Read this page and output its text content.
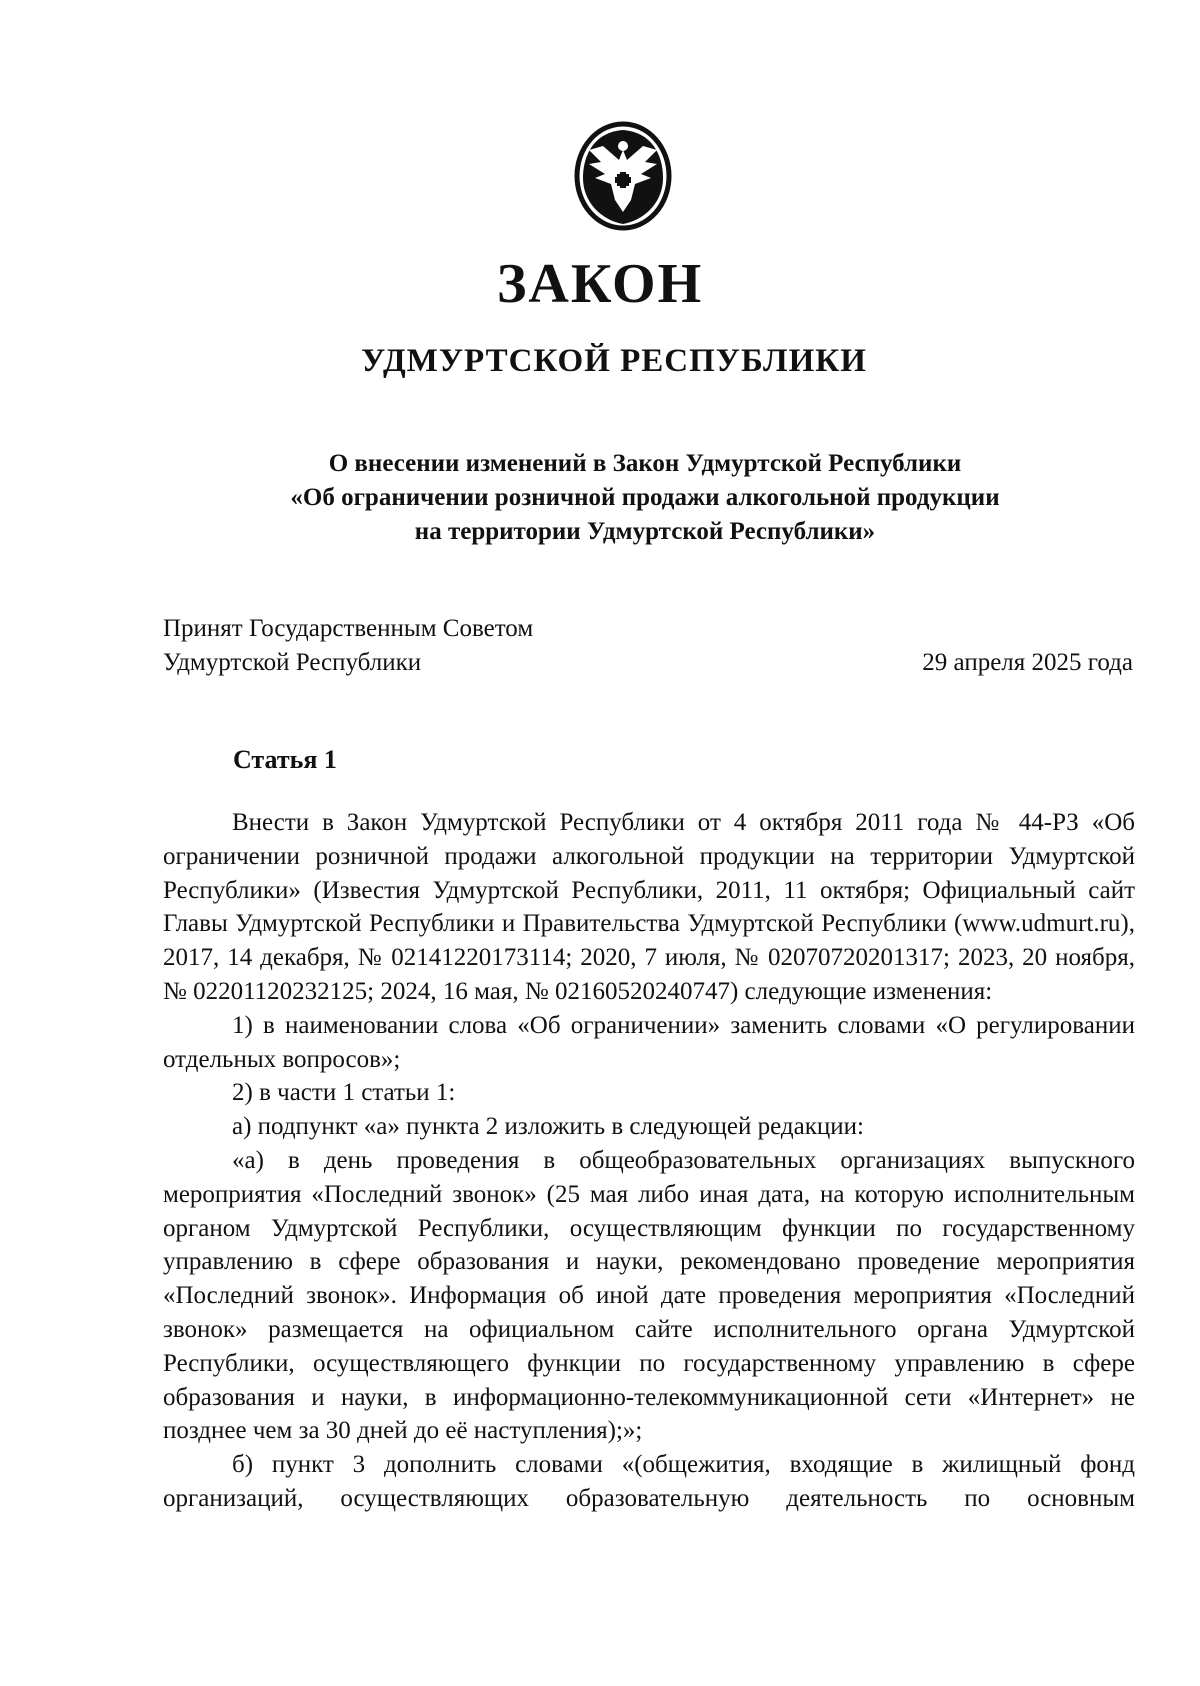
ЗАКОН
УДМУРТСКОЙ РЕСПУБЛИКИ
О внесении изменений в Закон Удмуртской Республики
«Об ограничении розничной продажи алкогольной продукции
на территории Удмуртской Республики»
Принят Государственным Советом
Удмуртской Республики	29 апреля 2025 года
Статья 1

Внести в Закон Удмуртской Республики от 4 октября 2011 года № 44-РЗ «Об ограничении розничной продажи алкогольной продукции на территории Удмуртской Республики» (Известия Удмуртской Республики, 2011, 11 октября; Официальный сайт Главы Удмуртской Республики и Правительства Удмуртской Республики (www.udmurt.ru), 2017, 14 декабря, № 02141220173114; 2020, 7 июля, № 02070720201317; 2023, 20 ноября, № 02201120232125; 2024, 16 мая, № 02160520240747) следующие изменения:

1) в наименовании слова «Об ограничении» заменить словами «О регулировании отдельных вопросов»;

2) в части 1 статьи 1:

а) подпункт «а» пункта 2 изложить в следующей редакции:

«а) в день проведения в общеобразовательных организациях выпускного мероприятия «Последний звонок» (25 мая либо иная дата, на которую исполнительным органом Удмуртской Республики, осуществляющим функции по государственному управлению в сфере образования и науки, рекомендовано проведение мероприятия «Последний звонок». Информация об иной дате проведения мероприятия «Последний звонок» размещается на официальном сайте исполнительного органа Удмуртской Республики, осуществляющего функции по государственному управлению в сфере образования и науки, в информационно-телекоммуникационной сети «Интернет» не позднее чем за 30 дней до её наступления);»;

б) пункт 3 дополнить словами «(общежития, входящие в жилищный фонд организаций, осуществляющих образовательную деятельность по основным
